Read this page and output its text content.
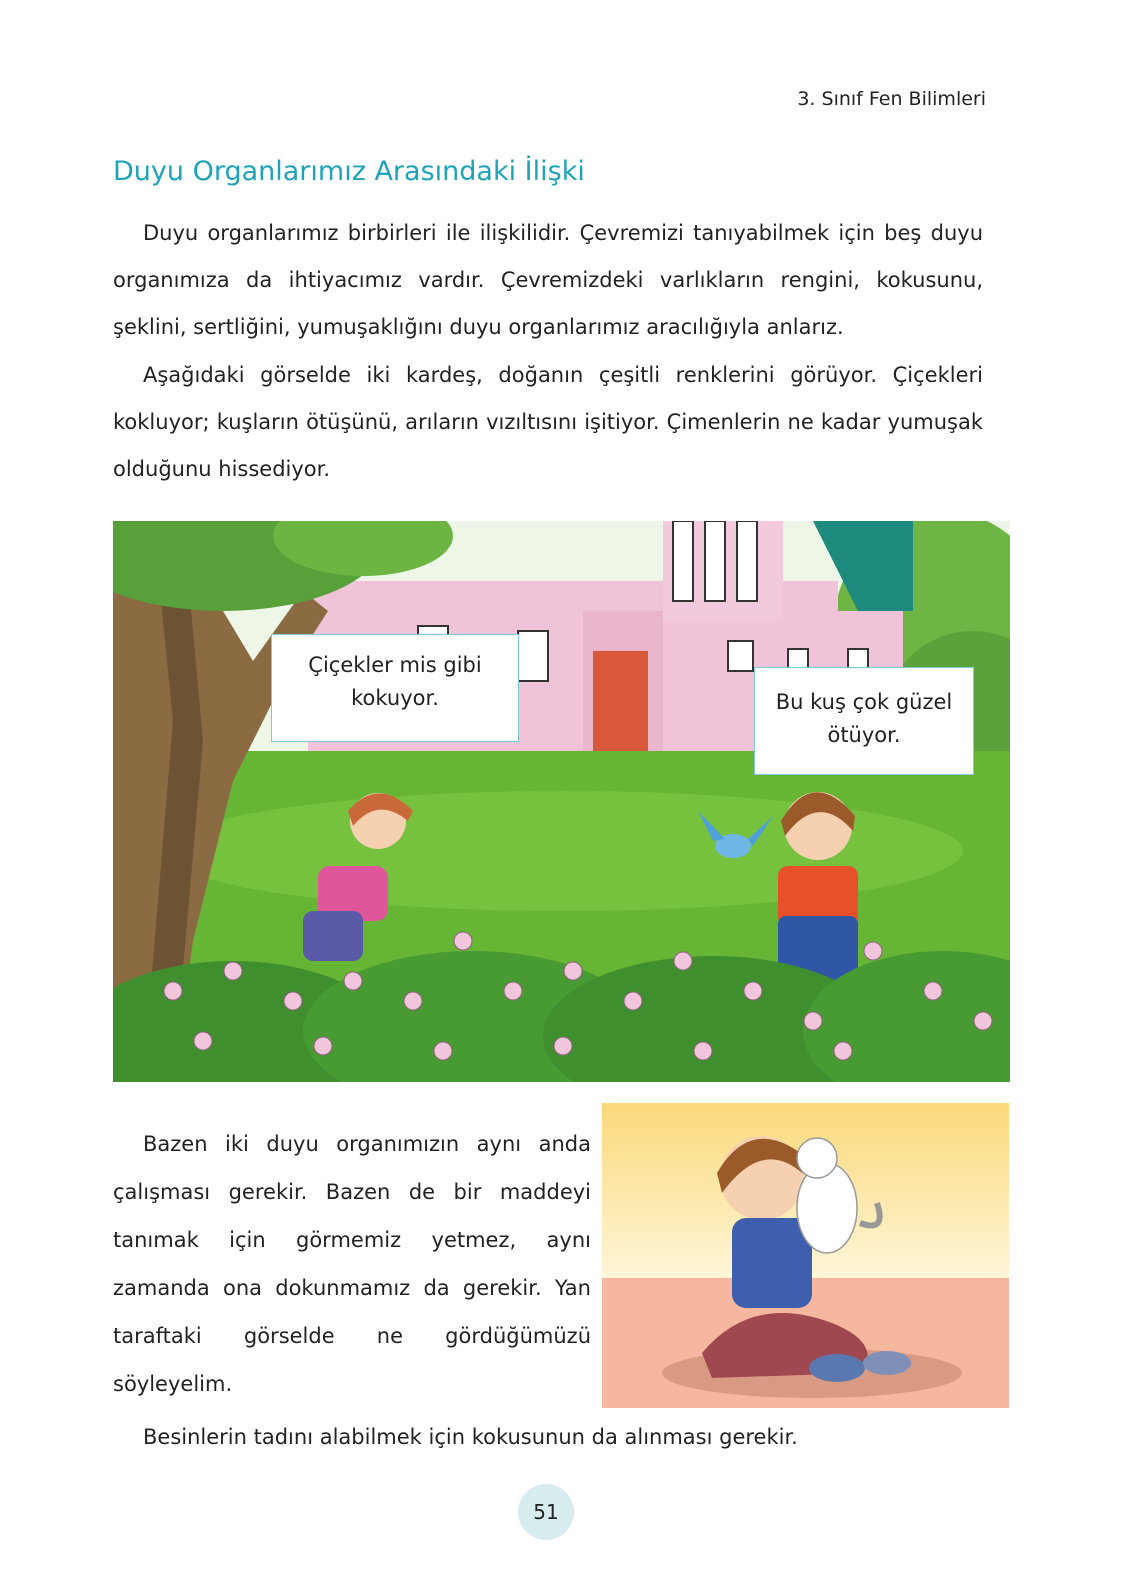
3. Sınıf Fen Bilimleri
Duyu Organlarımız Arasındaki İlişki
Duyu organlarımız birbirleri ile ilişkilidir. Çevremizi tanıyabilmek için beş duyu organımıza da ihtiyacımız vardır. Çevremizdeki varlıkların rengini, kokusunu, şeklini, sertliğini, yumuşaklığını duyu organlarımız aracılığıyla anlarız.
Aşağıdaki görselde iki kardeş, doğanın çeşitli renklerini görüyor. Çiçekleri kokluyor; kuşların ötüşünü, arıların vızıltısını işitiyor. Çimenlerin ne kadar yumuşak olduğunu hissediyor.
Çiçekler mis gibi
kokuyor.	Bu kuş çok güzel
ötüyor.
Bazen iki duyu organımızın aynı anda çalışması gerekir. Bazen de bir maddeyi tanımak için görmemiz yetmez, aynı zamanda ona dokunmamız da gerekir. Yan taraftaki görselde ne gördüğümüzü söyleyelim.
Besinlerin tadını alabilmek için kokusunun da alınması gerekir.
51
